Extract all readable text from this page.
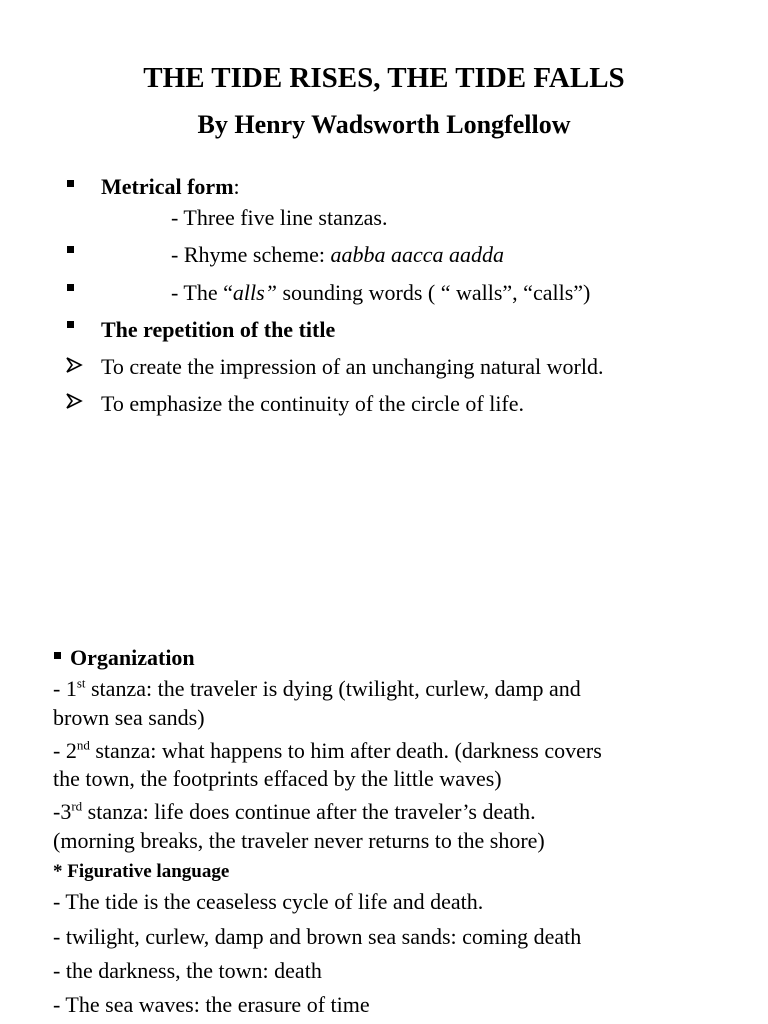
THE TIDE RISES, THE TIDE FALLS
By Henry Wadsworth Longfellow
Metrical form:
- Three five line stanzas.
- Rhyme scheme: aabba aacca aadda
- The “alls” sounding words ( “ walls”, “calls”)
The repetition of the title
To create the impression of an unchanging natural world.
To emphasize the continuity of the circle of life.
Organization
- 1st stanza: the traveler is dying (twilight, curlew, damp and
brown sea sands)
- 2nd stanza: what happens to him after death. (darkness covers
the town, the footprints effaced by the little waves)
-3rd stanza: life does continue after the traveler’s death.
(morning breaks, the traveler never returns to the shore)
* Figurative language
- The tide is the ceaseless cycle of life and death.
- twilight, curlew, damp and brown sea sands: coming death
- the darkness, the town: death
- The sea waves: the erasure of time
